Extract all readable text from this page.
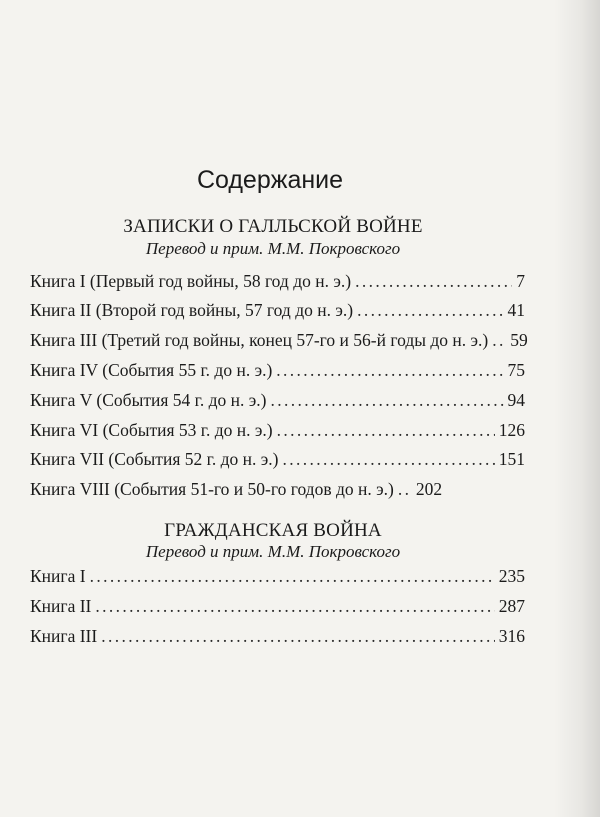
Содержание
ЗАПИСКИ О ГАЛЛЬСКОЙ ВОЙНЕ
Перевод и прим. М.М. Покровского
Книга I (Первый год войны, 58 год до н. э.) . . .	7
Книга II (Второй год войны, 57 год до н. э.) . . .	41
Книга III (Третий год войны, конец 57-го и 56-й годы до н. э.) . . . 59
Книга IV (События 55 г. до н. э.) . . .	75
Книга V (События 54 г. до н. э.) . . .	94
Книга VI (События 53 г. до н. э.) . . .	126
Книга VII (События 52 г. до н. э.) . . .	151
Книга VIII (События 51-го и 50-го годов до н. э.) . . . 202
ГРАЖДАНСКАЯ ВОЙНА
Перевод и прим. М.М. Покровского
Книга I . . .	235
Книга II . . .	287
Книга III . . .	316
